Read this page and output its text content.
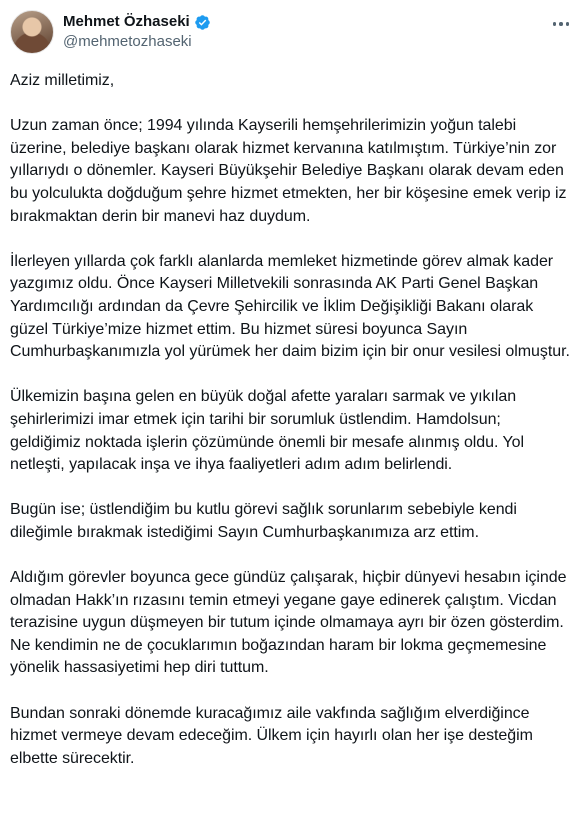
Mehmet Özhaseki
@mehmetozhaseki

Aziz milletimiz,

Uzun zaman önce; 1994 yılında Kayserili hemşehrilerimizin yoğun talebi üzerine, belediye başkanı olarak hizmet kervanına katılmıştım. Türkiye’nin zor yıllarıydı o dönemler. Kayseri Büyükşehir Belediye Başkanı olarak devam eden bu yolculukta doğduğum şehre hizmet etmekten, her bir köşesine emek verip iz bırakmaktan derin bir manevi haz duydum.

İlerleyen yıllarda çok farklı alanlarda memleket hizmetinde görev almak kader yazgımız oldu. Önce Kayseri Milletvekili sonrasında AK Parti Genel Başkan Yardımcılığı ardından da Çevre Şehircilik ve İklim Değişikliği Bakanı olarak güzel Türkiye’mize hizmet ettim. Bu hizmet süresi boyunca Sayın Cumhurbaşkanımızla yol yürümek her daim bizim için bir onur vesilesi olmuştur.

Ülkemizin başına gelen en büyük doğal afette yaraları sarmak ve yıkılan şehirlerimizi imar etmek için tarihi bir sorumluk üstlendim. Hamdolsun; geldiğimiz noktada işlerin çözümünde önemli bir mesafe alınmış oldu. Yol netleşti, yapılacak inşa ve ihya faaliyetleri adım adım belirlendi.

Bugün ise; üstlendiğim bu kutlu görevi sağlık sorunlarım sebebiyle kendi dileğimle bırakmak istediğimi Sayın Cumhurbaşkanımıza arz ettim.

Aldığım görevler boyunca gece gündüz çalışarak, hiçbir dünyevi hesabın içinde olmadan Hakk’ın rızasını temin etmeyi yegane gaye edinerek çalıştım. Vicdan terazisine uygun düşmeyen bir tutum içinde olmamaya ayrı bir özen gösterdim. Ne kendimin ne de çocuklarımın boğazından haram bir lokma geçmemesine yönelik hassasiyetimi hep diri tuttum.

Bundan sonraki dönemde kuracağımız aile vakfında sağlığım elverdiğince hizmet vermeye devam edeceğim. Ülkem için hayırlı olan her işe desteğim elbette sürecektir.
